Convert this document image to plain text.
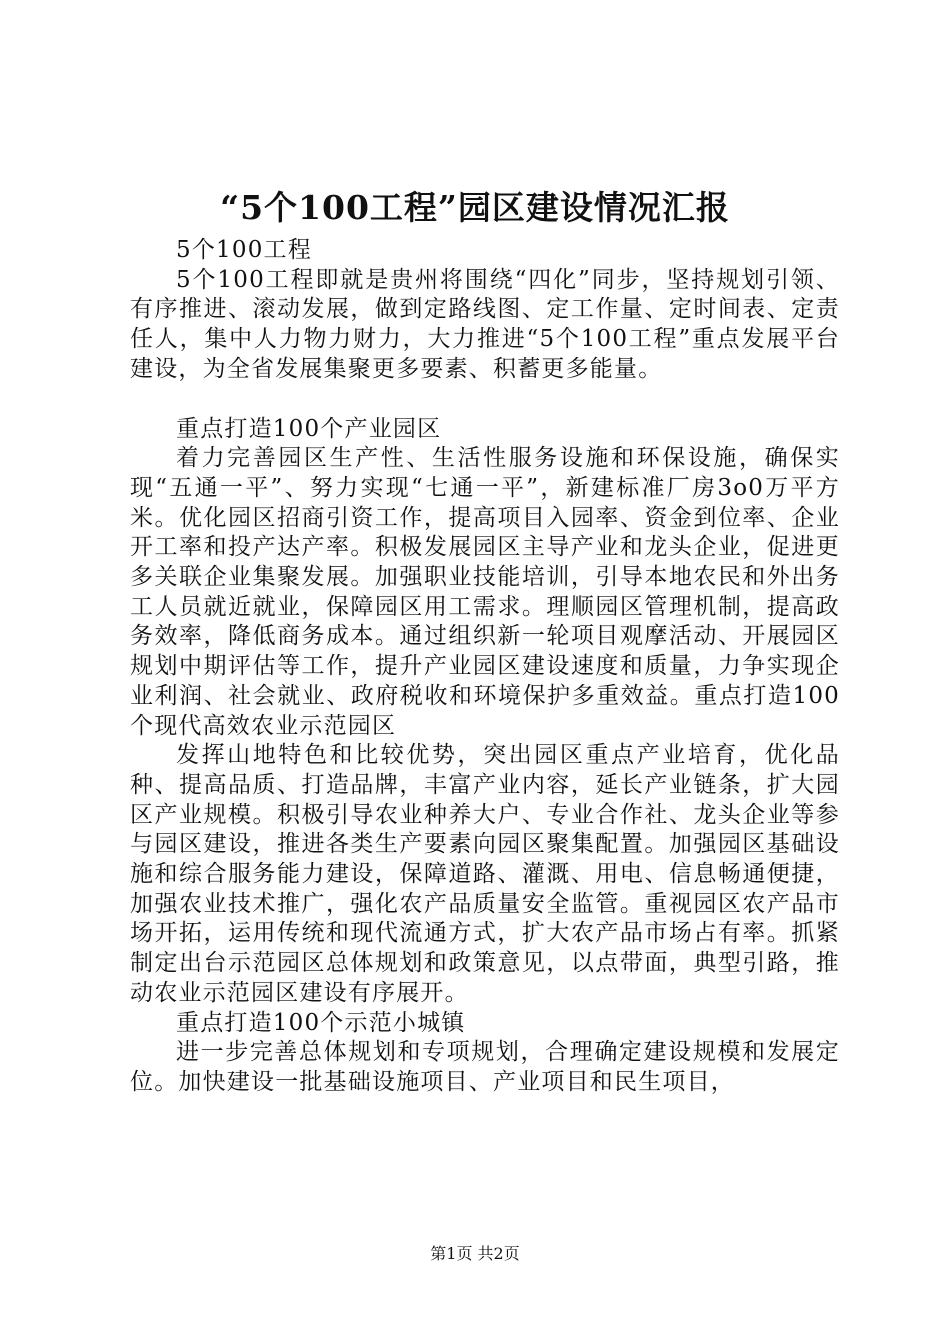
“5个100工程”园区建设情况汇报

5个100工程

5个100工程即就是贵州将围绕“四化”同步，坚持规划引领、有序推进、滚动发展，做到定路线图、定工作量、定时间表、定责任人，集中人力物力财力，大力推进“5个100工程”重点发展平台建设，为全省发展集聚更多要素、积蓄更多能量。

重点打造100个产业园区

着力完善园区生产性、生活性服务设施和环保设施，确保实现“五通一平”、努力实现“七通一平”，新建标准厂房3o0万平方米。优化园区招商引资工作，提高项目入园率、资金到位率、企业开工率和投产达产率。积极发展园区主导产业和龙头企业，促进更多关联企业集聚发展。加强职业技能培训，引导本地农民和外出务工人员就近就业，保障园区用工需求。理顺园区管理机制，提高政务效率，降低商务成本。通过组织新一轮项目观摩活动、开展园区规划中期评估等工作，提升产业园区建设速度和质量，力争实现企业利润、社会就业、政府税收和环境保护多重效益。重点打造100个现代高效农业示范园区

发挥山地特色和比较优势，突出园区重点产业培育，优化品种、提高品质、打造品牌，丰富产业内容，延长产业链条，扩大园区产业规模。积极引导农业种养大户、专业合作社、龙头企业等参与园区建设，推进各类生产要素向园区聚集配置。加强园区基础设施和综合服务能力建设，保障道路、灌溉、用电、信息畅通便捷，加强农业技术推广，强化农产品质量安全监管。重视园区农产品市场开拓，运用传统和现代流通方式，扩大农产品市场占有率。抓紧制定出台示范园区总体规划和政策意见，以点带面，典型引路，推动农业示范园区建设有序展开。

重点打造100个示范小城镇

进一步完善总体规划和专项规划，合理确定建设规模和发展定位。加快建设一批基础设施项目、产业项目和民生项目，

第1页 共2页
